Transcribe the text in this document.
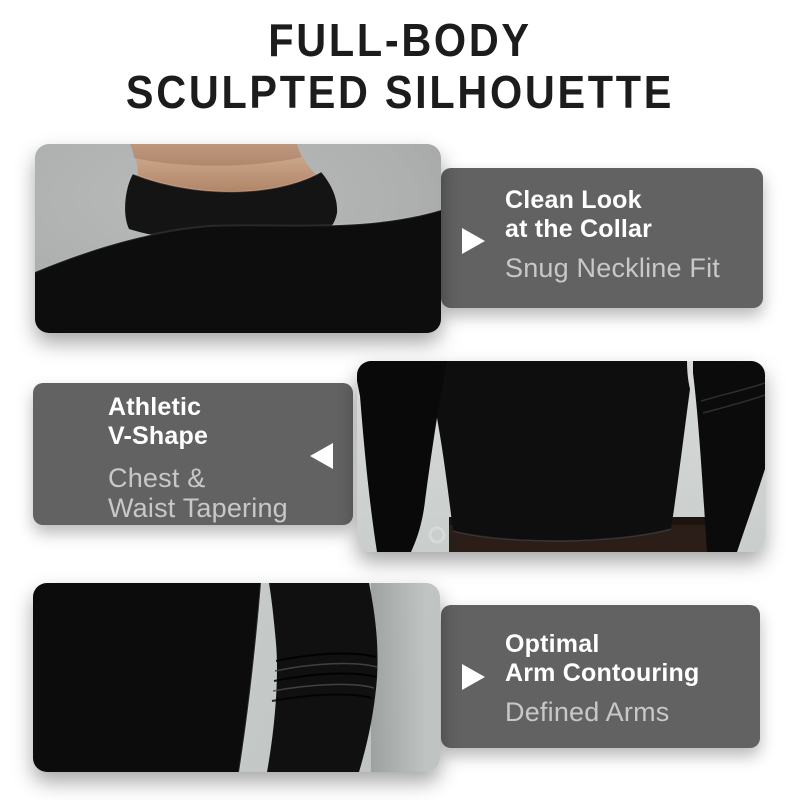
FULL-BODY
SCULPTED SILHOUETTE
Clean Look
at the Collar
Snug Neckline Fit
Athletic
V-Shape
Chest &
Waist Tapering
Optimal
Arm Contouring
Defined Arms
